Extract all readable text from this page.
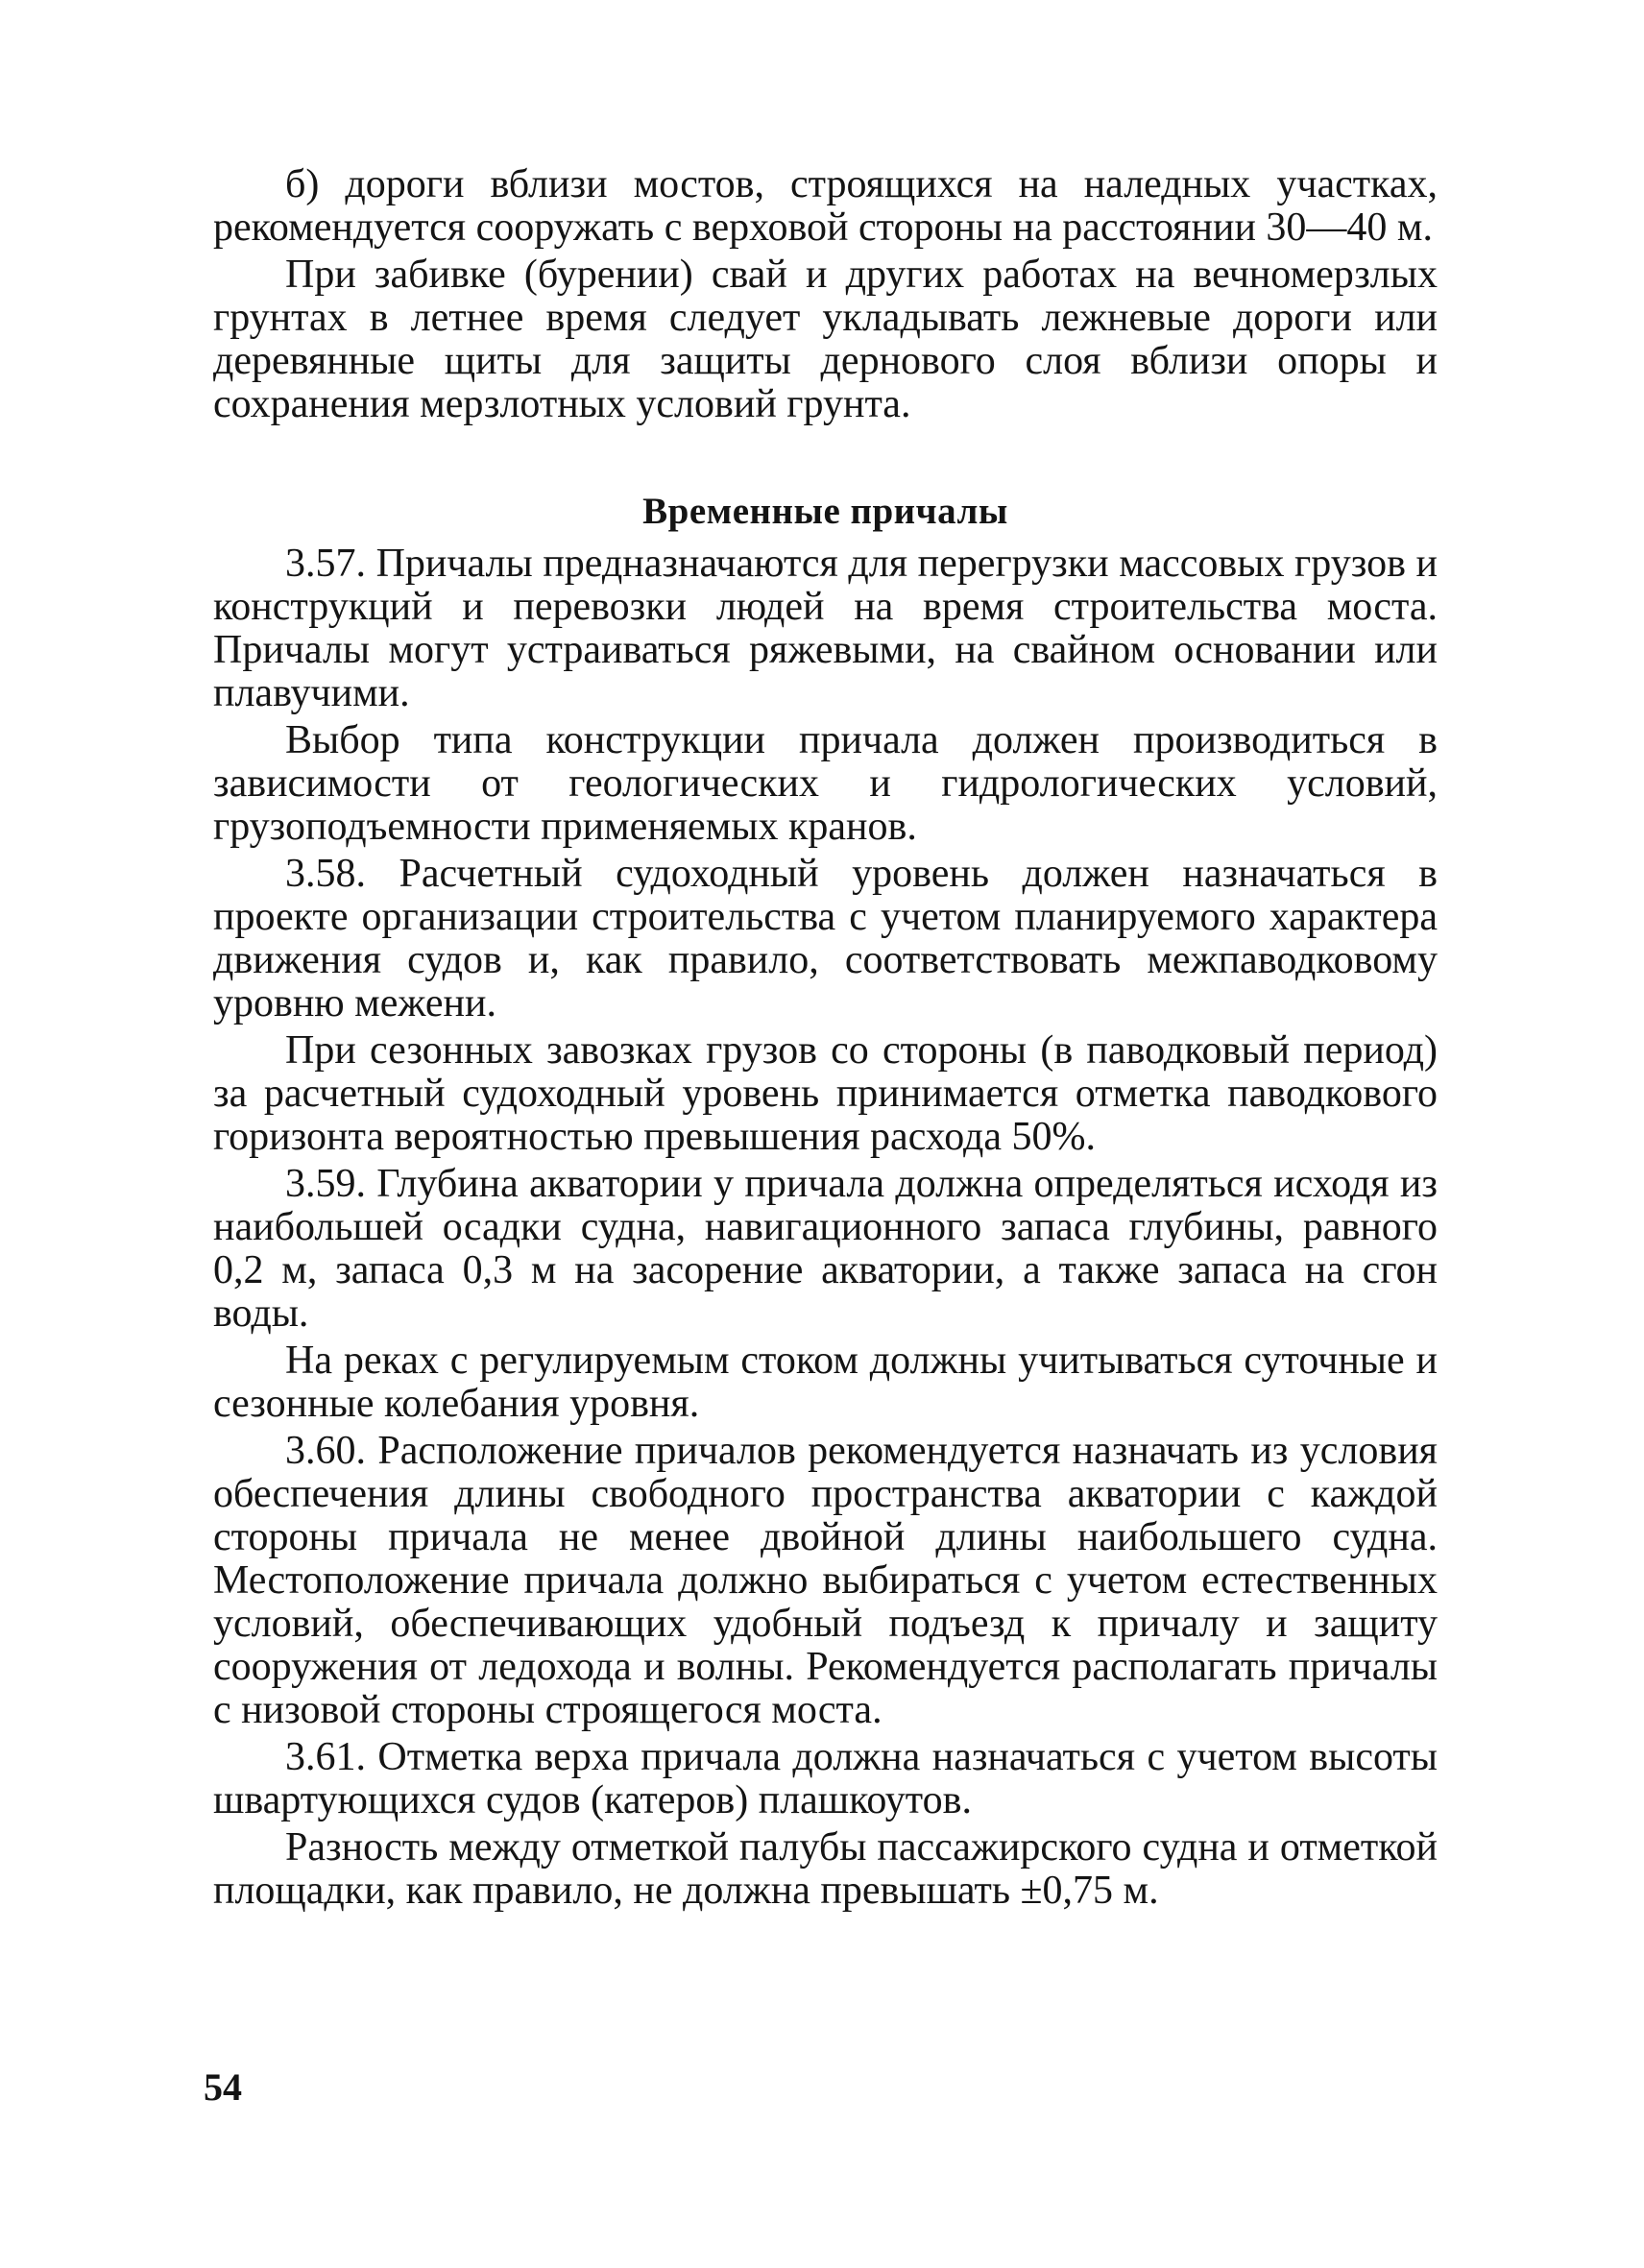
б) дороги вблизи мостов, строящихся на наледных участках, рекомендуется сооружать с верховой стороны на расстоянии 30—40 м.

При забивке (бурении) свай и других работах на вечномерзлых грунтах в летнее время следует укладывать лежневые дороги или деревянные щиты для защиты дернового слоя вблизи опоры и сохранения мерзлотных условий грунта.

Временные причалы

3.57. Причалы предназначаются для перегрузки массовых грузов и конструкций и перевозки людей на время строительства моста. Причалы могут устраиваться ряжевыми, на свайном основании или плавучими.

Выбор типа конструкции причала должен производиться в зависимости от геологических и гидрологических условий, грузоподъемности применяемых кранов.

3.58. Расчетный судоходный уровень должен назначаться в проекте организации строительства с учетом планируемого характера движения судов и, как правило, соответствовать межпаводковому уровню межени.

При сезонных завозках грузов со стороны (в паводковый период) за расчетный судоходный уровень принимается отметка паводкового горизонта вероятностью превышения расхода 50%.

3.59. Глубина акватории у причала должна определяться исходя из наибольшей осадки судна, навигационного запаса глубины, равного 0,2 м, запаса 0,3 м на засорение акватории, а также запаса на сгон воды.

На реках с регулируемым стоком должны учитываться суточные и сезонные колебания уровня.

3.60. Расположение причалов рекомендуется назначать из условия обеспечения длины свободного пространства акватории с каждой стороны причала не менее двойной длины наибольшего судна. Местоположение причала должно выбираться с учетом естественных условий, обеспечивающих удобный подъезд к причалу и защиту сооружения от ледохода и волны. Рекомендуется располагать причалы с низовой стороны строящегося моста.

3.61. Отметка верха причала должна назначаться с учетом высоты швартующихся судов (катеров) плашкоутов.

Разность между отметкой палубы пассажирского судна и отметкой площадки, как правило, не должна превышать ±0,75 м.

54
